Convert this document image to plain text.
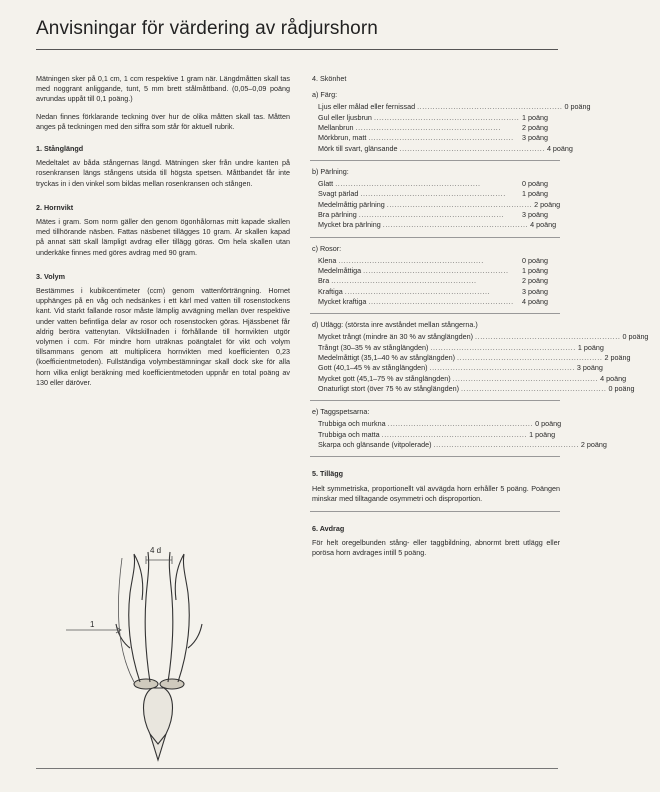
Anvisningar för värdering av rådjurshorn

Mätningen sker på 0,1 cm, 1 ccm respektive 1 gram när. Längdmåtten skall tas med noggrant anliggande, tunt, 5 mm brett stålmåttband. (0,05–0,09 poäng avrundas uppåt till 0,1 poäng.)

Nedan finnes förklarande teckning över hur de olika måtten skall tas. Måtten anges på teckningen med den siffra som står för aktuell rubrik.

1. Stånglängd

Medeltalet av båda stångernas längd. Mätningen sker från undre kanten på rosenkransen längs stångens utsida till högsta spetsen. Måttbandet får inte tryckas in i den vinkel som bildas mellan rosenkransen och stången.

2. Hornvikt

Mätes i gram. Som norm gäller den genom ögonhålornas mitt kapade skallen med tillhörande näsben. Fattas näsbenet tillägges 10 gram. Är skallen kapad på annat sätt skall lämpligt avdrag eller tillägg göras. Om hela skallen utan underkäke finnes med göres avdrag med 90 gram.

3. Volym

Bestämmes i kubikcentimeter (ccm) genom vattenförträngning. Hornet upphänges på en våg och nedsänkes i ett kärl med vatten till rosenstockens kant. Vid starkt fallande rosor måste lämplig avvägning mellan över respektive under vatten befintliga delar av rosor och rosenstocken göras. Hjässbenet får aldrig beröra vattenytan. Viktskillnaden i förhållande till hornvikten utgör volymen i ccm. För mindre horn uträknas poängtalet för vikt och volym tillsammans genom att multiplicera hornvikten med koefficienten 0,23 (koefficientmetoden). Fullständiga volymbestämningar skall dock ske för alla horn vilka enligt beräkning med koefficientmetoden uppnår en total poäng av 130 eller däröver.

4. Skönhet
a) Färg:
Ljus eller målad eller fernissad ........................................................ 0 poäng
Gul eller ljusbrun ........................................................ 1 poäng
Mellanbrun ........................................................	2 poäng
Mörkbrun, matt ........................................................	3 poäng
Mörk till svart, glänsande ........................................................ 4 poäng
b) Pärlning:
Glatt ........................................................	0 poäng
Svagt pärlad ........................................................	1 poäng
Medelmåttig pärlning ........................................................ 2 poäng
Bra pärlning ........................................................	3 poäng
Mycket bra pärlning ........................................................ 4 poäng
c) Rosor:
Klena ........................................................	0 poäng
Medelmåttiga ........................................................	1 poäng
Bra ........................................................	2 poäng
Kraftiga ........................................................	3 poäng
Mycket kraftiga ........................................................	4 poäng
d) Utlägg: (största inre avståndet mellan stångerna.)
Mycket trångt (mindre än 30 % av stånglängden) ........................................................ 0 poäng
Trångt (30–35 % av stånglängden) ........................................................ 1 poäng
Medelmåttigt (35,1–40 % av stånglängden) ........................................................ 2 poäng
Gott (40,1–45 % av stånglängden) ........................................................ 3 poäng
Mycket gott (45,1–75 % av stånglängden) ........................................................ 4 poäng
Onaturligt stort (över 75 % av stånglängden) ........................................................ 0 poäng
e) Taggspetsarna:
Trubbiga och murkna ........................................................ 0 poäng
Trubbiga och matta ........................................................ 1 poäng
Skarpa och glänsande (vitpolerade) ........................................................ 2 poäng
5. Tillägg

Helt symmetriska, proportionellt väl avvägda horn erhåller 5 poäng. Poängen minskar med tilltagande osymmetri och disproportion.

6. Avdrag

För helt oregelbunden stång- eller taggbildning, abnormt brett utlägg eller porösa horn avdrages intill 5 poäng.

4 d
1
